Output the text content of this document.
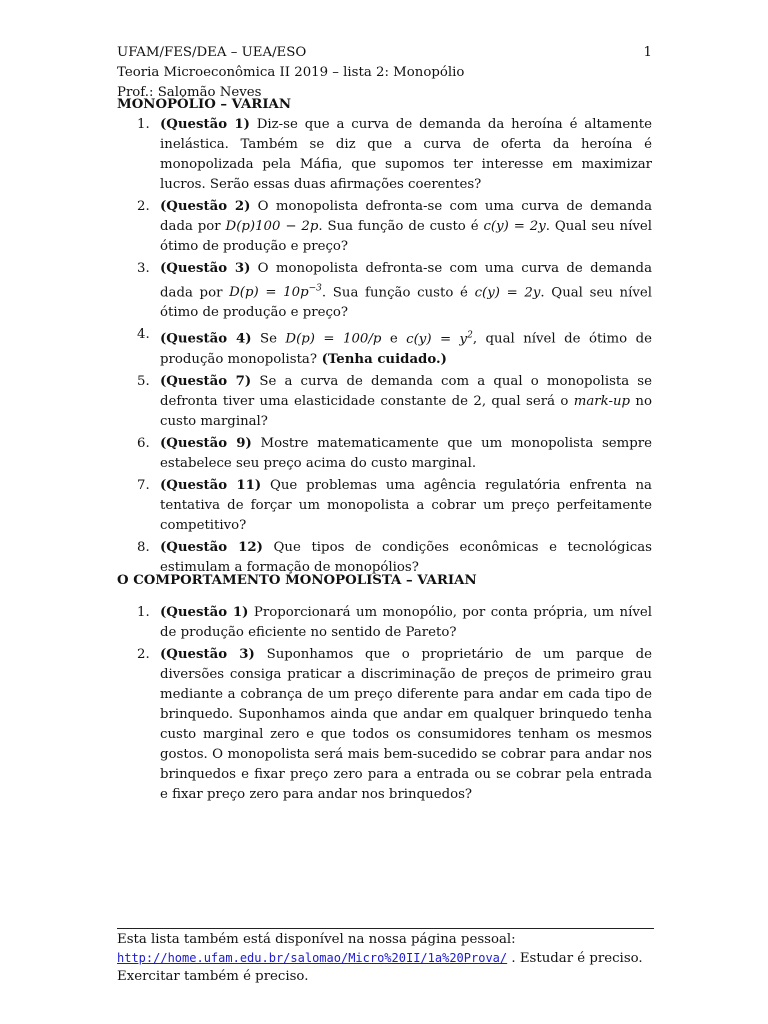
UFAM/FES/DEA – UEA/ESO	1
Teoria Microeconômica II 2019 – lista 2: Monopólio
Prof.: Salomão Neves
MONOPÓLIO – VARIAN
1. (Questão 1) Diz-se que a curva de demanda da heroína é altamente inelástica. Também se diz que a curva de oferta da heroína é monopolizada pela Máfia, que supomos ter interesse em maximizar lucros. Serão essas duas afirmações coerentes?
2. (Questão 2) O monopolista defronta-se com uma curva de demanda dada por D(p)100 − 2p. Sua função de custo é c(y) = 2y. Qual seu nível ótimo de produção e preço?
3. (Questão 3) O monopolista defronta-se com uma curva de demanda dada por $D(p) = 10p^{-3}$. Sua função custo é c(y) = 2y. Qual seu nível ótimo de produção e preço?
4. (Questão 4) Se D(p) = 100/p e $c(y) = y^2$, qual nível de ótimo de produção monopolista? (Tenha cuidado.)
5. (Questão 7) Se a curva de demanda com a qual o monopolista se defronta tiver uma elasticidade constante de 2, qual será o mark-up no custo marginal?
6. (Questão 9) Mostre matematicamente que um monopolista sempre estabelece seu preço acima do custo marginal.
7. (Questão 11) Que problemas uma agência regulatória enfrenta na tentativa de forçar um monopolista a cobrar um preço perfeitamente competitivo?
8. (Questão 12) Que tipos de condições econômicas e tecnológicas estimulam a formação de monopólios?
O COMPORTAMENTO MONOPOLISTA – VARIAN
1. (Questão 1) Proporcionará um monopólio, por conta própria, um nível de produção eficiente no sentido de Pareto?
2. (Questão 3) Suponhamos que o proprietário de um parque de diversões consiga praticar a discriminação de preços de primeiro grau mediante a cobrança de um preço diferente para andar em cada tipo de brinquedo. Suponhamos ainda que andar em qualquer brinquedo tenha custo marginal zero e que todos os consumidores tenham os mesmos gostos. O monopolista será mais bem-sucedido se cobrar para andar nos brinquedos e fixar preço zero para a entrada ou se cobrar pela entrada e fixar preço zero para andar nos brinquedos?
Esta lista também está disponível na nossa página pessoal:
http://home.ufam.edu.br/salomao/Micro%20II/1a%20Prova/ . Estudar é preciso. Exercitar também é preciso.
